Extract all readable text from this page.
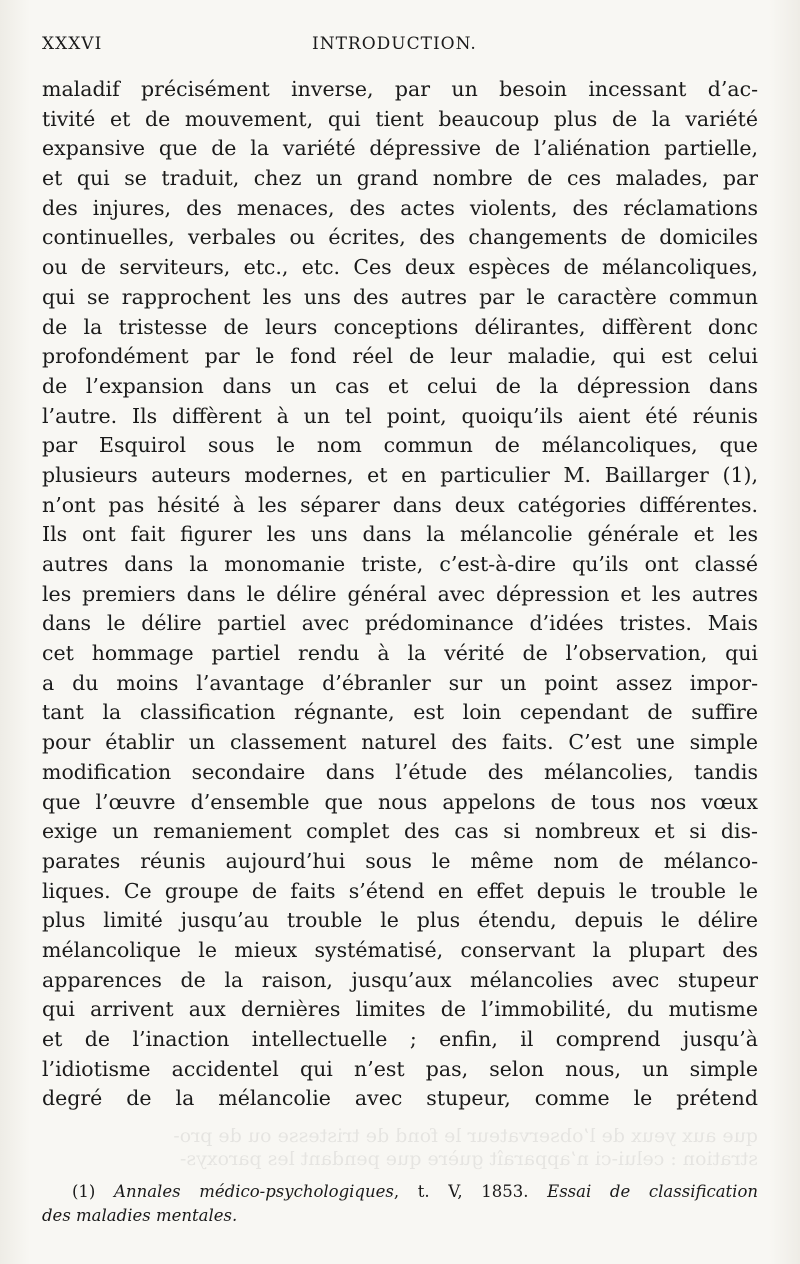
XXXVI	INTRODUCTION.
que aux yeux de l’observateur le fond de tristesse ou de pro-
stration : celui-ci n’apparaît guère que pendant les paroxys-
maladif précisément inverse, par un besoin incessant d’ac-
tivité et de mouvement, qui tient beaucoup plus de la variété
expansive que de la variété dépressive de l’aliénation partielle,
et qui se traduit, chez un grand nombre de ces malades, par
des injures, des menaces, des actes violents, des réclamations
continuelles, verbales ou écrites, des changements de domiciles
ou de serviteurs, etc., etc. Ces deux espèces de mélancoliques,
qui se rapprochent les uns des autres par le caractère commun
de la tristesse de leurs conceptions délirantes, diffèrent donc
profondément par le fond réel de leur maladie, qui est celui
de l’expansion dans un cas et celui de la dépression dans
l’autre. Ils diffèrent à un tel point, quoiqu’ils aient été réunis
par Esquirol sous le nom commun de mélancoliques, que
plusieurs auteurs modernes, et en particulier M. Baillarger (1),
n’ont pas hésité à les séparer dans deux catégories différentes.
Ils ont fait figurer les uns dans la mélancolie générale et les
autres dans la monomanie triste, c’est-à-dire qu’ils ont classé
les premiers dans le délire général avec dépression et les autres
dans le délire partiel avec prédominance d’idées tristes. Mais
cet hommage partiel rendu à la vérité de l’observation, qui
a du moins l’avantage d’ébranler sur un point assez impor-
tant la classification régnante, est loin cependant de suffire
pour établir un classement naturel des faits. C’est une simple
modification secondaire dans l’étude des mélancolies, tandis
que l’œuvre d’ensemble que nous appelons de tous nos vœux
exige un remaniement complet des cas si nombreux et si dis-
parates réunis aujourd’hui sous le même nom de mélanco-
liques. Ce groupe de faits s’étend en effet depuis le trouble le
plus limité jusqu’au trouble le plus étendu, depuis le délire
mélancolique le mieux systématisé, conservant la plupart des
apparences de la raison, jusqu’aux mélancolies avec stupeur
qui arrivent aux dernières limites de l’immobilité, du mutisme
et de l’inaction intellectuelle ; enfin, il comprend jusqu’à
l’idiotisme accidentel qui n’est pas, selon nous, un simple
degré de la mélancolie avec stupeur, comme le prétend
(1) Annales médico-psychologiques, t. V, 1853. Essai de classification
des maladies mentales.
